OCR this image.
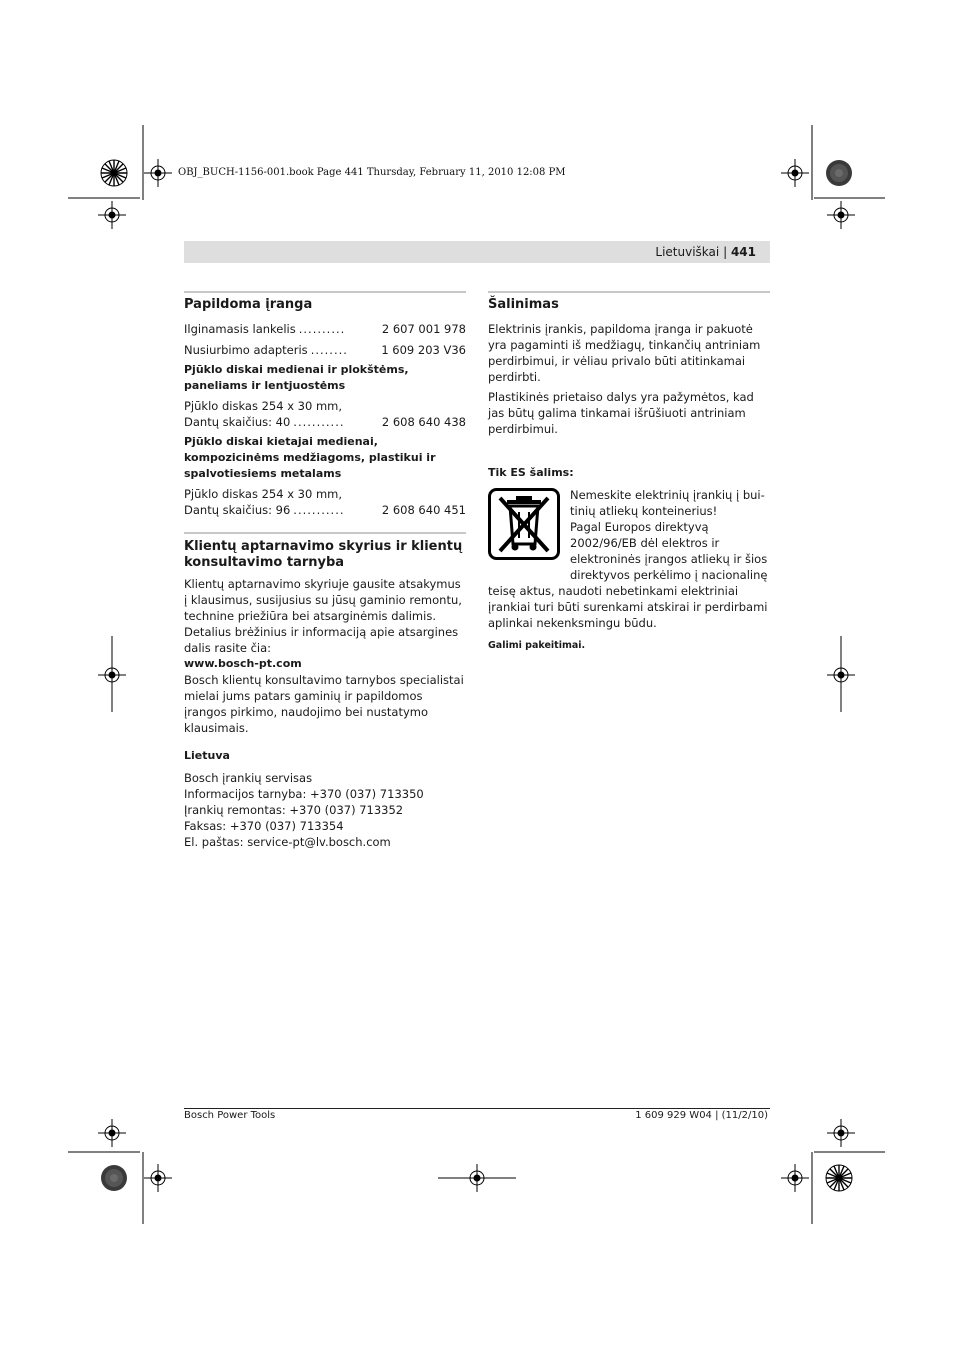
OBJ_BUCH-1156-001.book Page 441 Thursday, February 11, 2010 12:08 PM
Lietuviškai | 441
Papildoma įranga
Ilginamasis lankelis ..........	2 607 001 978
Nusiurbimo adapteris ........	1 609 203 V36
Pjūklo diskai medienai ir plokštėms, paneliams ir lentjuostėms
Pjūklo diskas 254 x 30 mm,
Dantų skaičius: 40 ...........	2 608 640 438
Pjūklo diskai kietajai medienai, kompozicinėms medžiagoms, plastikui ir spalvotiesiems metalams
Pjūklo diskas 254 x 30 mm,
Dantų skaičius: 96 ...........	2 608 640 451
Klientų aptarnavimo skyrius ir klientų konsultavimo tarnyba
Klientų aptarnavimo skyriuje gausite atsakymus į klausimus, susijusius su jūsų gaminio remontu, technine priežiūra bei atsarginėmis dalimis. Detalius brėžinius ir informaciją apie atsargines dalis rasite čia:
www.bosch-pt.com
Bosch klientų konsultavimo tarnybos specialistai mielai jums patars gaminių ir papildomos įrangos pirkimo, naudojimo bei nustatymo klausimais.
Lietuva
Bosch įrankių servisas
Informacijos tarnyba: +370 (037) 713350
Įrankių remontas: +370 (037) 713352
Faksas: +370 (037) 713354
El. paštas: service-pt@lv.bosch.com
Šalinimas
Elektrinis įrankis, papildoma įranga ir pakuotė yra pagaminti iš medžiagų, tinkančių antriniam perdirbimui, ir vėliau privalo būti atitinkamai perdirbti.
Plastikinės prietaiso dalys yra pažymėtos, kad jas būtų galima tinkamai išrūšiuoti antriniam perdirbimui.
Tik ES šalims:
Nemeskite elektrinių įrankių į bui-
tinių atliekų konteinerius!
Pagal Europos direktyvą
2002/96/EB dėl elektros ir
elektroninės įrangos atliekų ir šios
direktyvos perkėlimo į nacionalinę
teisę aktus, naudoti nebetinkami elektriniai įrankiai turi būti surenkami atskirai ir perdirbami aplinkai nekenksmingu būdu.
Galimi pakeitimai.
Bosch Power Tools	1 609 929 W04 | (11/2/10)
